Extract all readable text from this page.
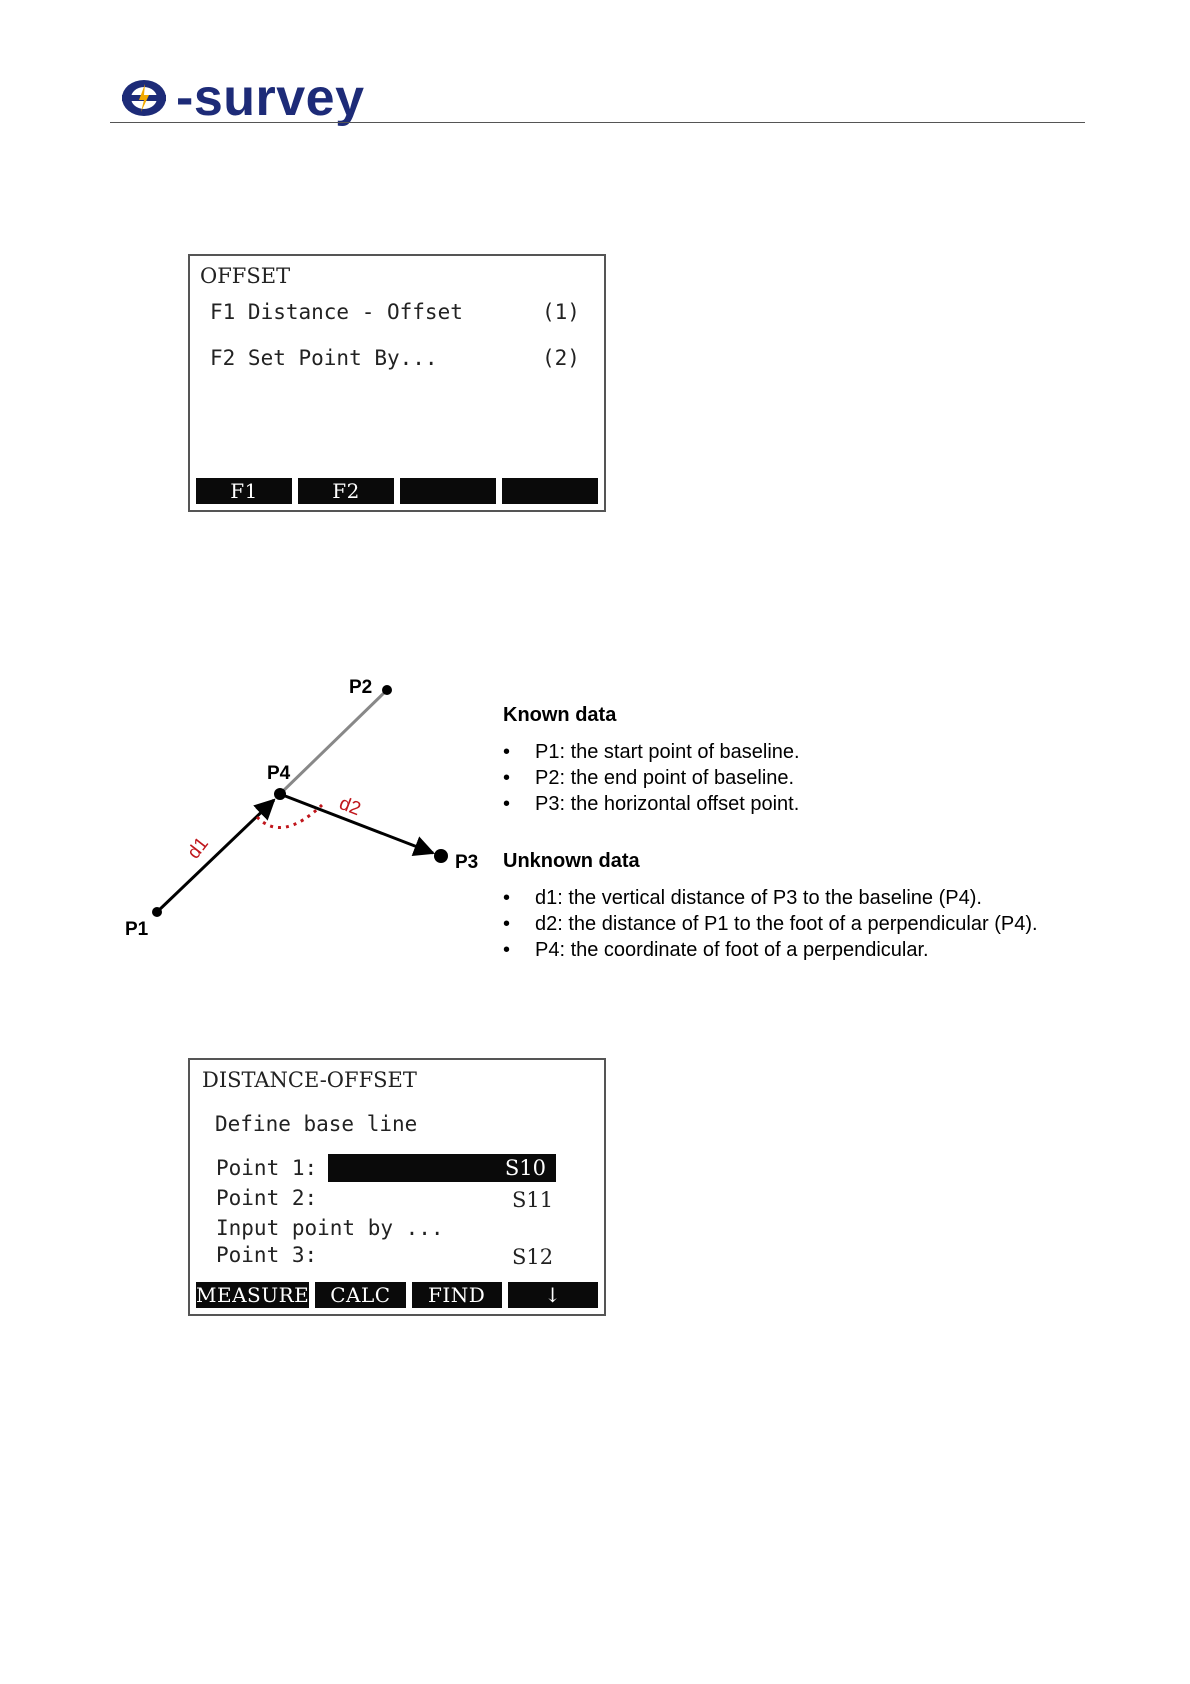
-survey
OFFSET
F1 Distance - Offset	(1)
F2 Set Point By...	(2)
F1	F2
P1
P2
P3
P4
d1
d2
Known data
• P1: the start point of baseline.
• P2: the end point of baseline.
• P3: the horizontal offset point.
Unknown data
• d1: the vertical distance of P3 to the baseline (P4).
• d2: the distance of P1 to the foot of a perpendicular (P4).
• P4: the coordinate of foot of a perpendicular.
DISTANCE-OFFSET
Define base line
Point 1:	S10
Point 2:	S11
Input point by ...
Point 3:	S12
MEASURE	CALC	FIND	↓
